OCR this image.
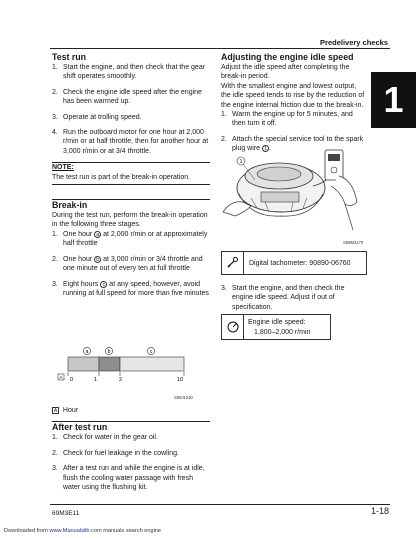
Predelivery checks
1
Test run
1. Start the engine, and then check that the gear shift operates smoothly.
2. Check the engine idle speed after the engine has been warmed up.
3. Operate at trolling speed.
4. Run the outboard motor for one hour at 2,000 r/min or at half throttle, then for another hour at 3,000 r/min or at 3/4 throttle.
NOTE:
The test run is part of the break-in operation.
Break-in
During the test run, perform the break-in operation in the following three stages.
1. One hour a at 2,000 r/min or at approximately half throttle
2. One hour b at 3,000 r/min or 3/4 throttle and one minute out of every ten at full throttle
3. Eight hours c at any speed, however, avoid running at full speed for more than five minutes
a	b	c
A 0	1	2	10
S69J1240
A Hour
After test run
1. Check for water in the gear oil.
2. Check for fuel leakage in the cowling.
3. After a test run and while the engine is at idle, flush the cooling water passage with fresh water using the flushing kit.
Adjusting the engine idle speed
Adjust the idle speed after completing the break-in period.
With the smallest engine and lowest output, the idle speed tends to rise by the reduction of the engine internal friction due to the break-in.
1. Warm the engine up for 5 minutes, and then turn it off.
2. Attach the special service tool to the spark plug wire 1 .
1
S69M3170
Digital tachometer: 90890-06760
3. Start the engine, and then check the engine idle speed. Adjust if out of specification.
Engine idle speed:
1,800–2,000 r/min
69M3E11	1-18
Downloaded from www.Manualslib.com manuals search engine
